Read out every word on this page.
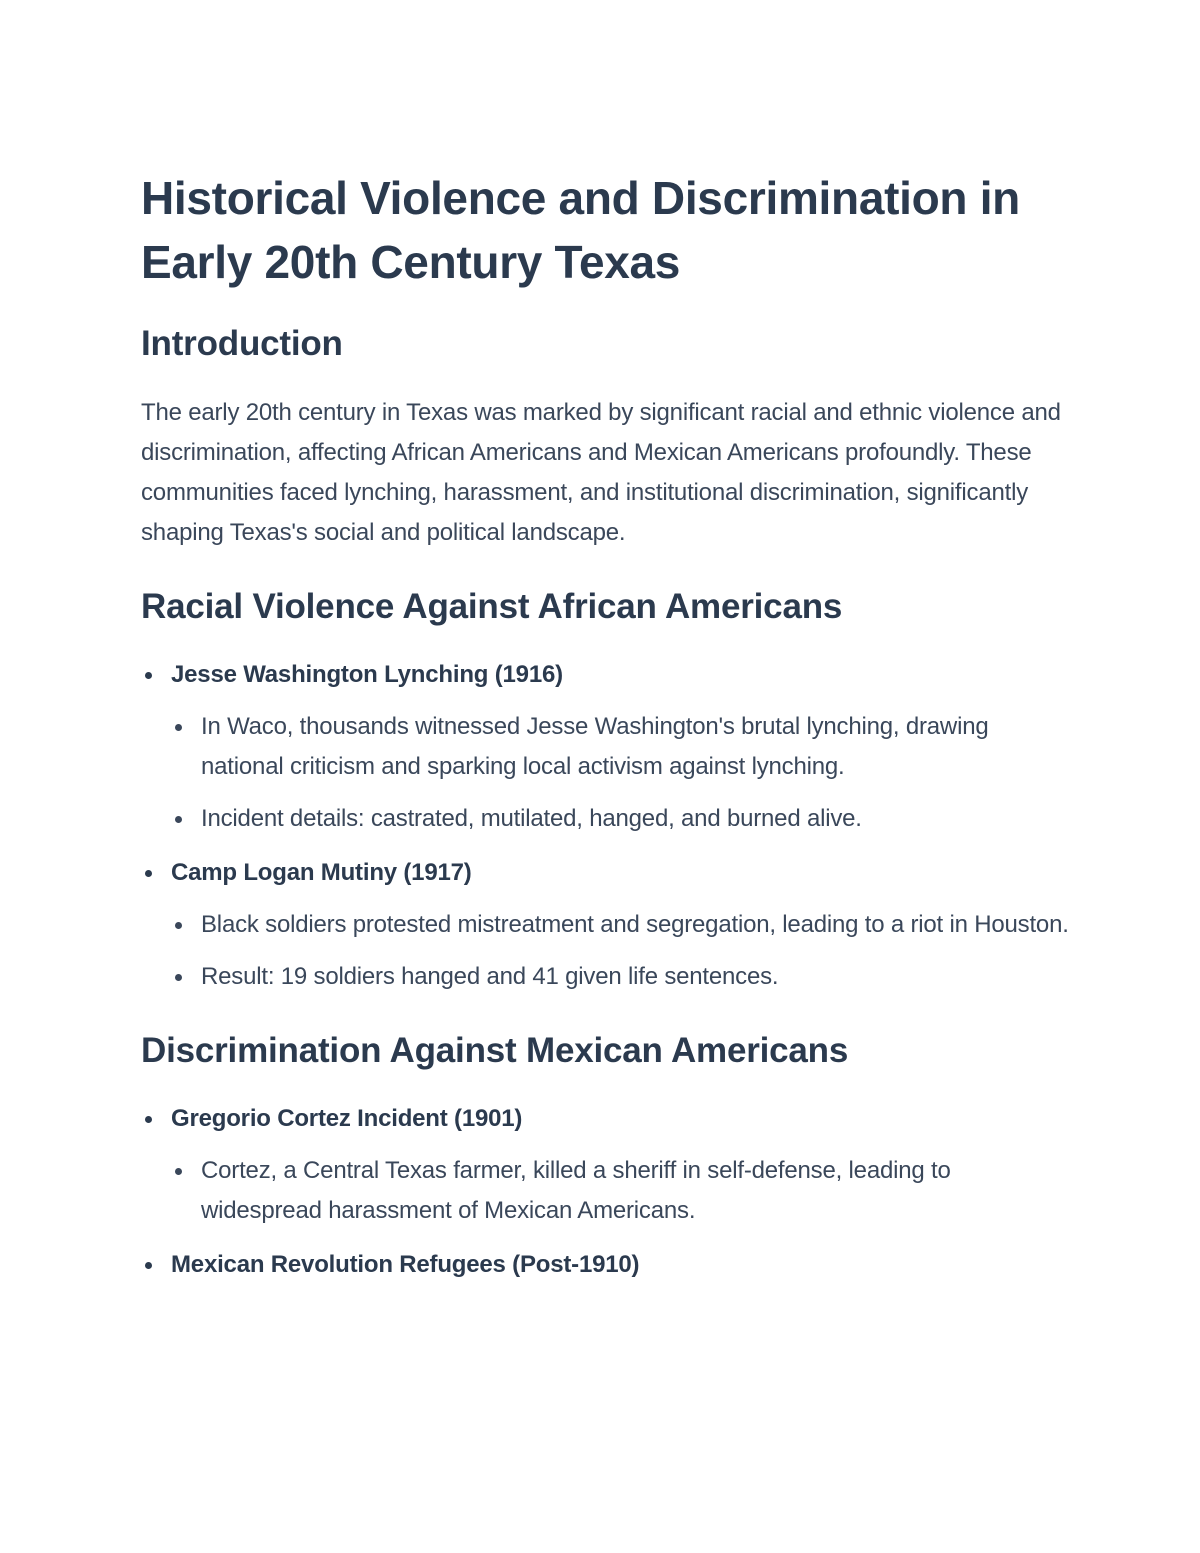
Historical Violence and Discrimination in Early 20th Century Texas
Introduction

The early 20th century in Texas was marked by significant racial and ethnic violence and discrimination, affecting African Americans and Mexican Americans profoundly. These communities faced lynching, harassment, and institutional discrimination, significantly shaping Texas's social and political landscape.

Racial Violence Against African Americans
Jesse Washington Lynching (1916)
In Waco, thousands witnessed Jesse Washington's brutal lynching, drawing national criticism and sparking local activism against lynching.
Incident details: castrated, mutilated, hanged, and burned alive.
Camp Logan Mutiny (1917)
Black soldiers protested mistreatment and segregation, leading to a riot in Houston.
Result: 19 soldiers hanged and 41 given life sentences.
Discrimination Against Mexican Americans
Gregorio Cortez Incident (1901)
Cortez, a Central Texas farmer, killed a sheriff in self-defense, leading to widespread harassment of Mexican Americans.
Mexican Revolution Refugees (Post-1910)
